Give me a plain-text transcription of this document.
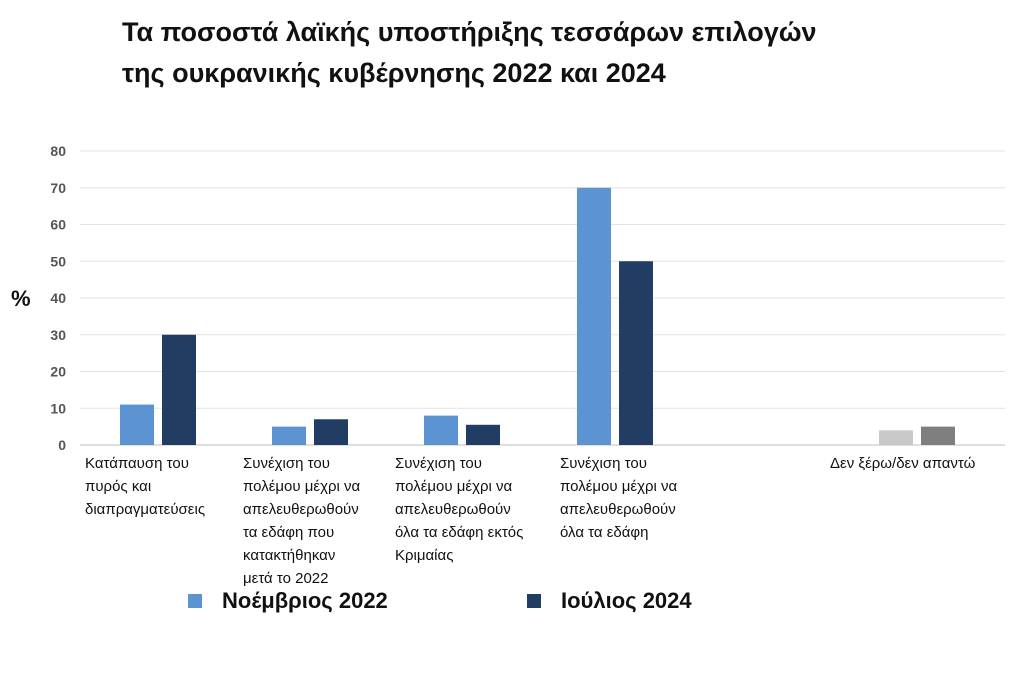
Τα ποσοστά λαϊκής υποστήριξης τεσσάρων επιλογών
της ουκρανικής κυβέρνησης 2022 και 2024
%
0
10
20
30
40
50
60
70
80
Κατάπαυση του
πυρός και
διαπραγματεύσεις
Συνέχιση του
πολέμου μέχρι να
απελευθερωθούν
τα εδάφη που
κατακτήθηκαν
μετά το 2022
Συνέχιση του
πολέμου μέχρι να
απελευθερωθούν
όλα τα εδάφη εκτός
Κριμαίας
Συνέχιση του
πολέμου μέχρι να
απελευθερωθούν
όλα τα εδάφη
Δεν ξέρω/δεν απαντώ
Νοέμβριος 2022	Ιούλιος 2024
